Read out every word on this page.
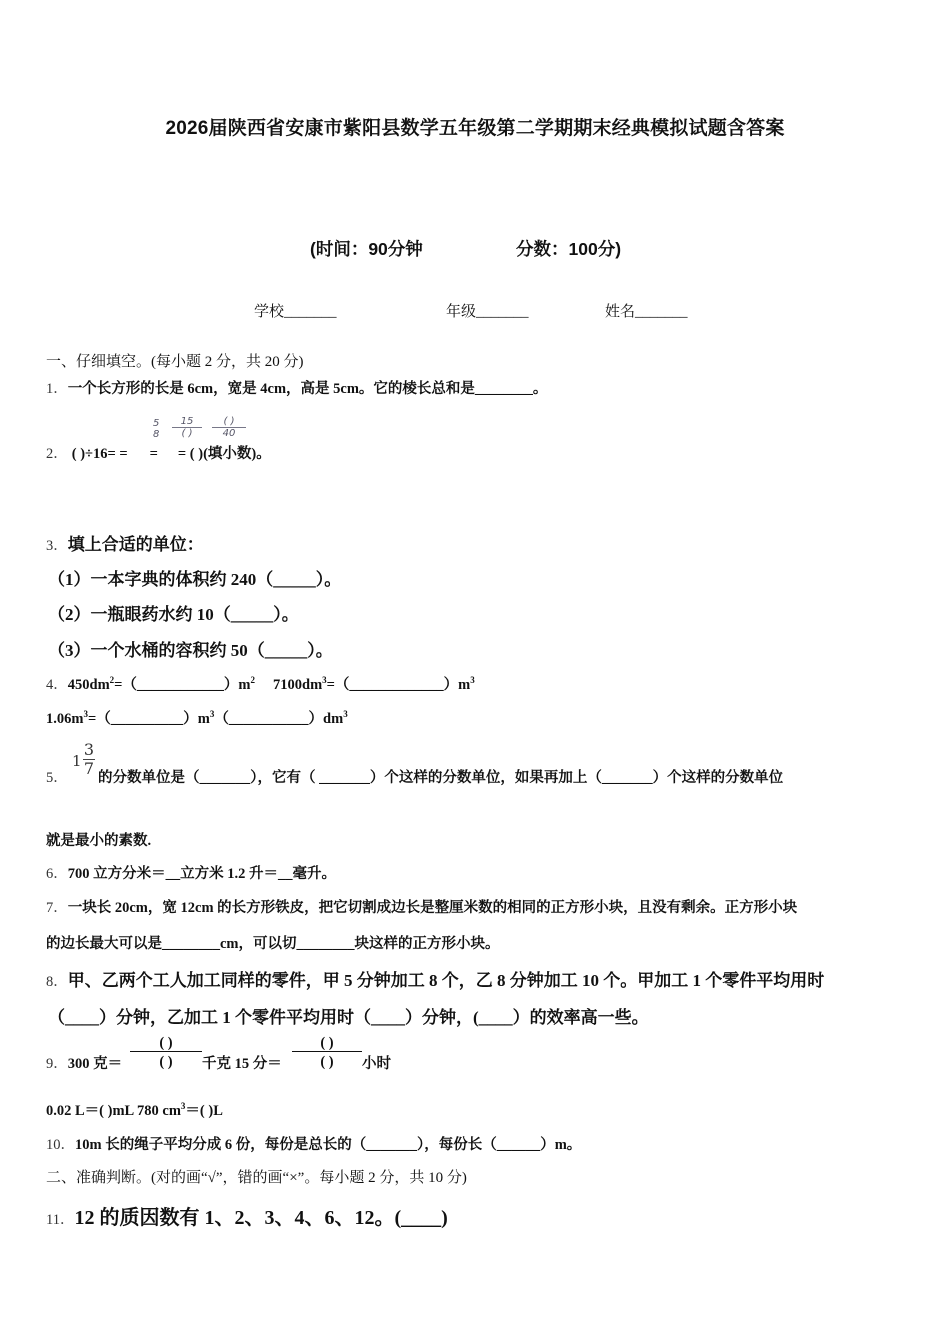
2026届陕西省安康市紫阳县数学五年级第二学期期末经典模拟试题含答案
(时间：90分钟	分数：100分)
学校_______	年级_______	姓名_______
一、仔细填空。(每小题 2 分，共 20 分)
1．一个长方形的长是 6cm，宽是 4cm，高是 5cm。它的棱长总和是________。
2． ( )÷16= = = = ( )(填小数)。
5
8
15
( )
( )
40
3．填上合适的单位：
（1）一本字典的体积约 240（_____）。
（2）一瓶眼药水约 10（_____）。
（3）一个水桶的容积约 50（_____）。
4．$450dm^2=(\_\_\_\_\_\_\_\_\_\_\_\_)m^2$ $7100dm^3=(\_\_\_\_\_\_\_\_\_\_\_\_\_)m^3$
$1.06m^3=(\_\_\_\_\_\_\_\_\_\_)m^3(\_\_\_\_\_\_\_\_\_\_\_)dm^3$
5．
$1 \frac{3}{7}$ 的分数单位是（_______），它有（ _______）个这样的分数单位，如果再加上（_______）个这样的分数单位
就是最小的素数.
6．700 立方分米＝__立方米 1.2 升＝__毫升。
7．一块长 20cm，宽 12cm 的长方形铁皮，把它切割成边长是整厘米数的相同的正方形小块，且没有剩余。正方形小块
的边长最大可以是________cm，可以切________块这样的正方形小块。
8．甲、乙两个工人加工同样的零件，甲 5 分钟加工 8 个，乙 8 分钟加工 10 个。甲加工 1 个零件平均用时
（____）分钟，乙加工 1 个零件平均用时（____）分钟，(____）的效率高一些。
9．300 克＝
( )
( )	千克 15 分＝
( )
( )	小时
0.02 L＝( )mL 780 $cm^3=$( )L
10．10m 长的绳子平均分成 6 份，每份是总长的（_______），每份长（______）m。
二、准确判断。(对的画“√”，错的画“×”。每小题 2 分，共 10 分)
11．12 的质因数有 1、2、3、4、6、12。(____)
